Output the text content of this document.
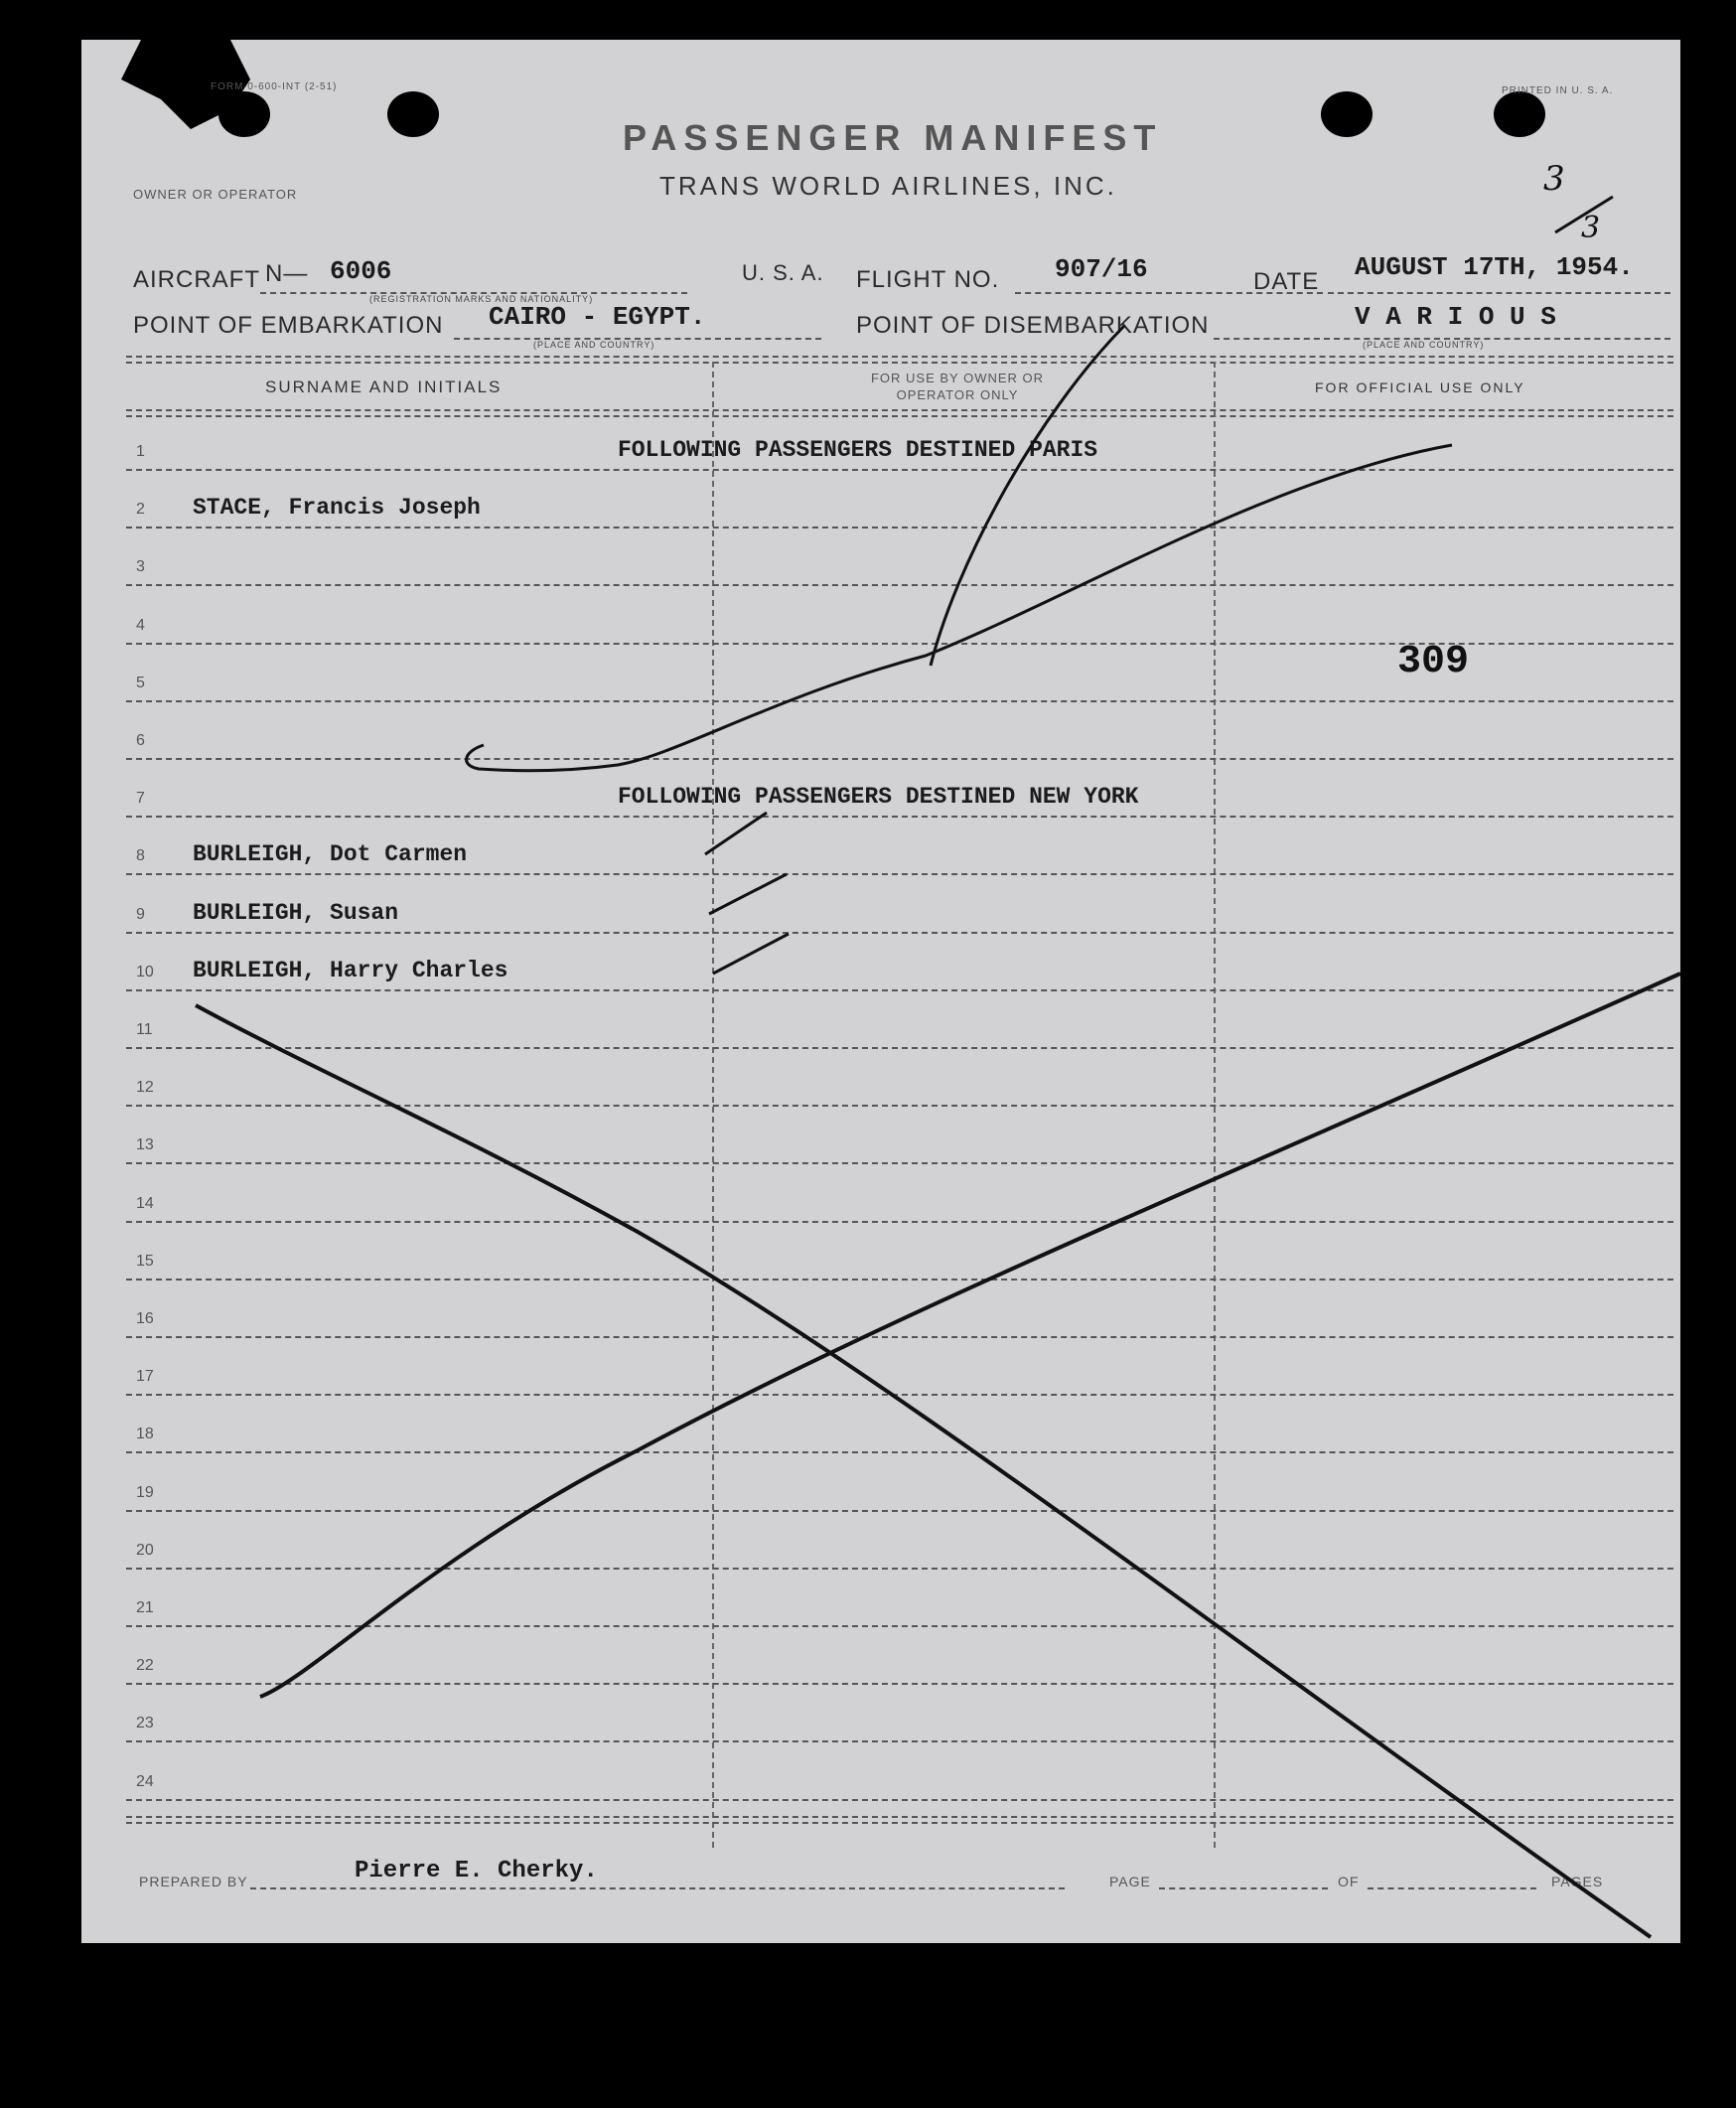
FORM 0-600-INT (2-51)	PRINTED IN U. S. A.
OWNER OR OPERATOR
PASSENGER MANIFEST
TRANS WORLD AIRLINES, INC.	3
3
AIRCRAFT N— 6006
(REGISTRATION MARKS AND NATIONALITY)
U. S. A. FLIGHT NO. 907/16	DATE AUGUST 17TH, 1954.
POINT OF EMBARKATION CAIRO - EGYPT.
(PLACE AND COUNTRY)
POINT OF DISEMBARKATION	V A R I O U S
(PLACE AND COUNTRY)
SURNAME AND INITIALS	FOR USE BY OWNER OR OPERATOR ONLY	FOR OFFICIAL USE ONLY
1	FOLLOWING PASSENGERS DESTINED PARIS
2 STACE, Francis Joseph
3
4
5
6
7	FOLLOWING PASSENGERS DESTINED NEW YORK
8 BURLEIGH, Dot Carmen
9 BURLEIGH, Susan
10 BURLEIGH, Harry Charles
11
12
13
14
15
16
17
18
19
20
21
22
23
24
309
PREPARED BY	Pierre E. Cherky.	PAGE	OF	PAGES
